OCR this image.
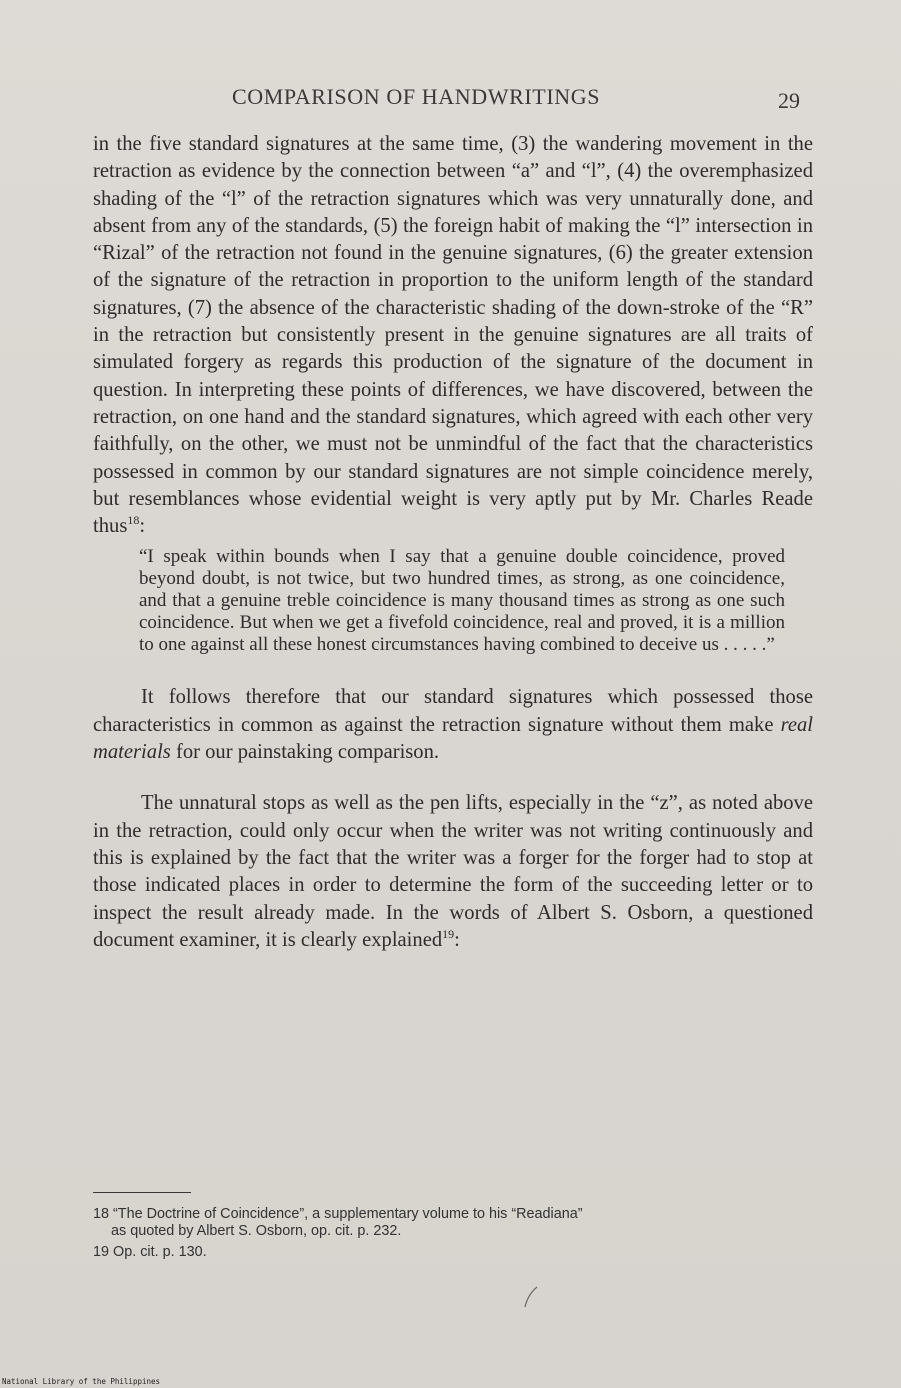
COMPARISON OF HANDWRITINGS	29

in the five standard signatures at the same time, (3) the wandering movement in the retraction as evidence by the connection between “a” and “l”, (4) the overemphasized shading of the “l” of the retraction signatures which was very unnaturally done, and absent from any of the standards, (5) the foreign habit of making the “l” intersection in “Rizal” of the retraction not found in the genuine signatures, (6) the greater extension of the signature of the retraction in proportion to the uniform length of the standard signatures, (7) the absence of the characteristic shading of the down-stroke of the “R” in the retraction but consistently present in the genuine signatures are all traits of simulated forgery as regards this production of the signature of the document in question. In interpreting these points of differences, we have discovered, between the retraction, on one hand and the standard signatures, which agreed with each other very faithfully, on the other, we must not be unmindful of the fact that the characteristics possessed in common by our standard signatures are not simple coincidence merely, but resemblances whose evidential weight is very aptly put by Mr. Charles Reade thus$^{18}$:

“I speak within bounds when I say that a genuine double coincidence, proved beyond doubt, is not twice, but two hundred times, as strong, as one coincidence, and that a genuine treble coincidence is many thousand times as strong as one such coincidence. But when we get a fivefold coincidence, real and proved, it is a million to one against all these honest circumstances having combined to deceive us . . . . .”

It follows therefore that our standard signatures which possessed those characteristics in common as against the retraction signature without them make real materials for our painstaking comparison.

The unnatural stops as well as the pen lifts, especially in the “z”, as noted above in the retraction, could only occur when the writer was not writing continuously and this is explained by the fact that the writer was a forger for the forger had to stop at those indicated places in order to determine the form of the succeeding letter or to inspect the result already made. In the words of Albert S. Osborn, a questioned document examiner, it is clearly explained$^{19}$:

18 “The Doctrine of Coincidence”, a supplementary volume to his “Readiana”

as quoted by Albert S. Osborn, op. cit. p. 232.

19 Op. cit. p. 130.

National Library of the Philippines
